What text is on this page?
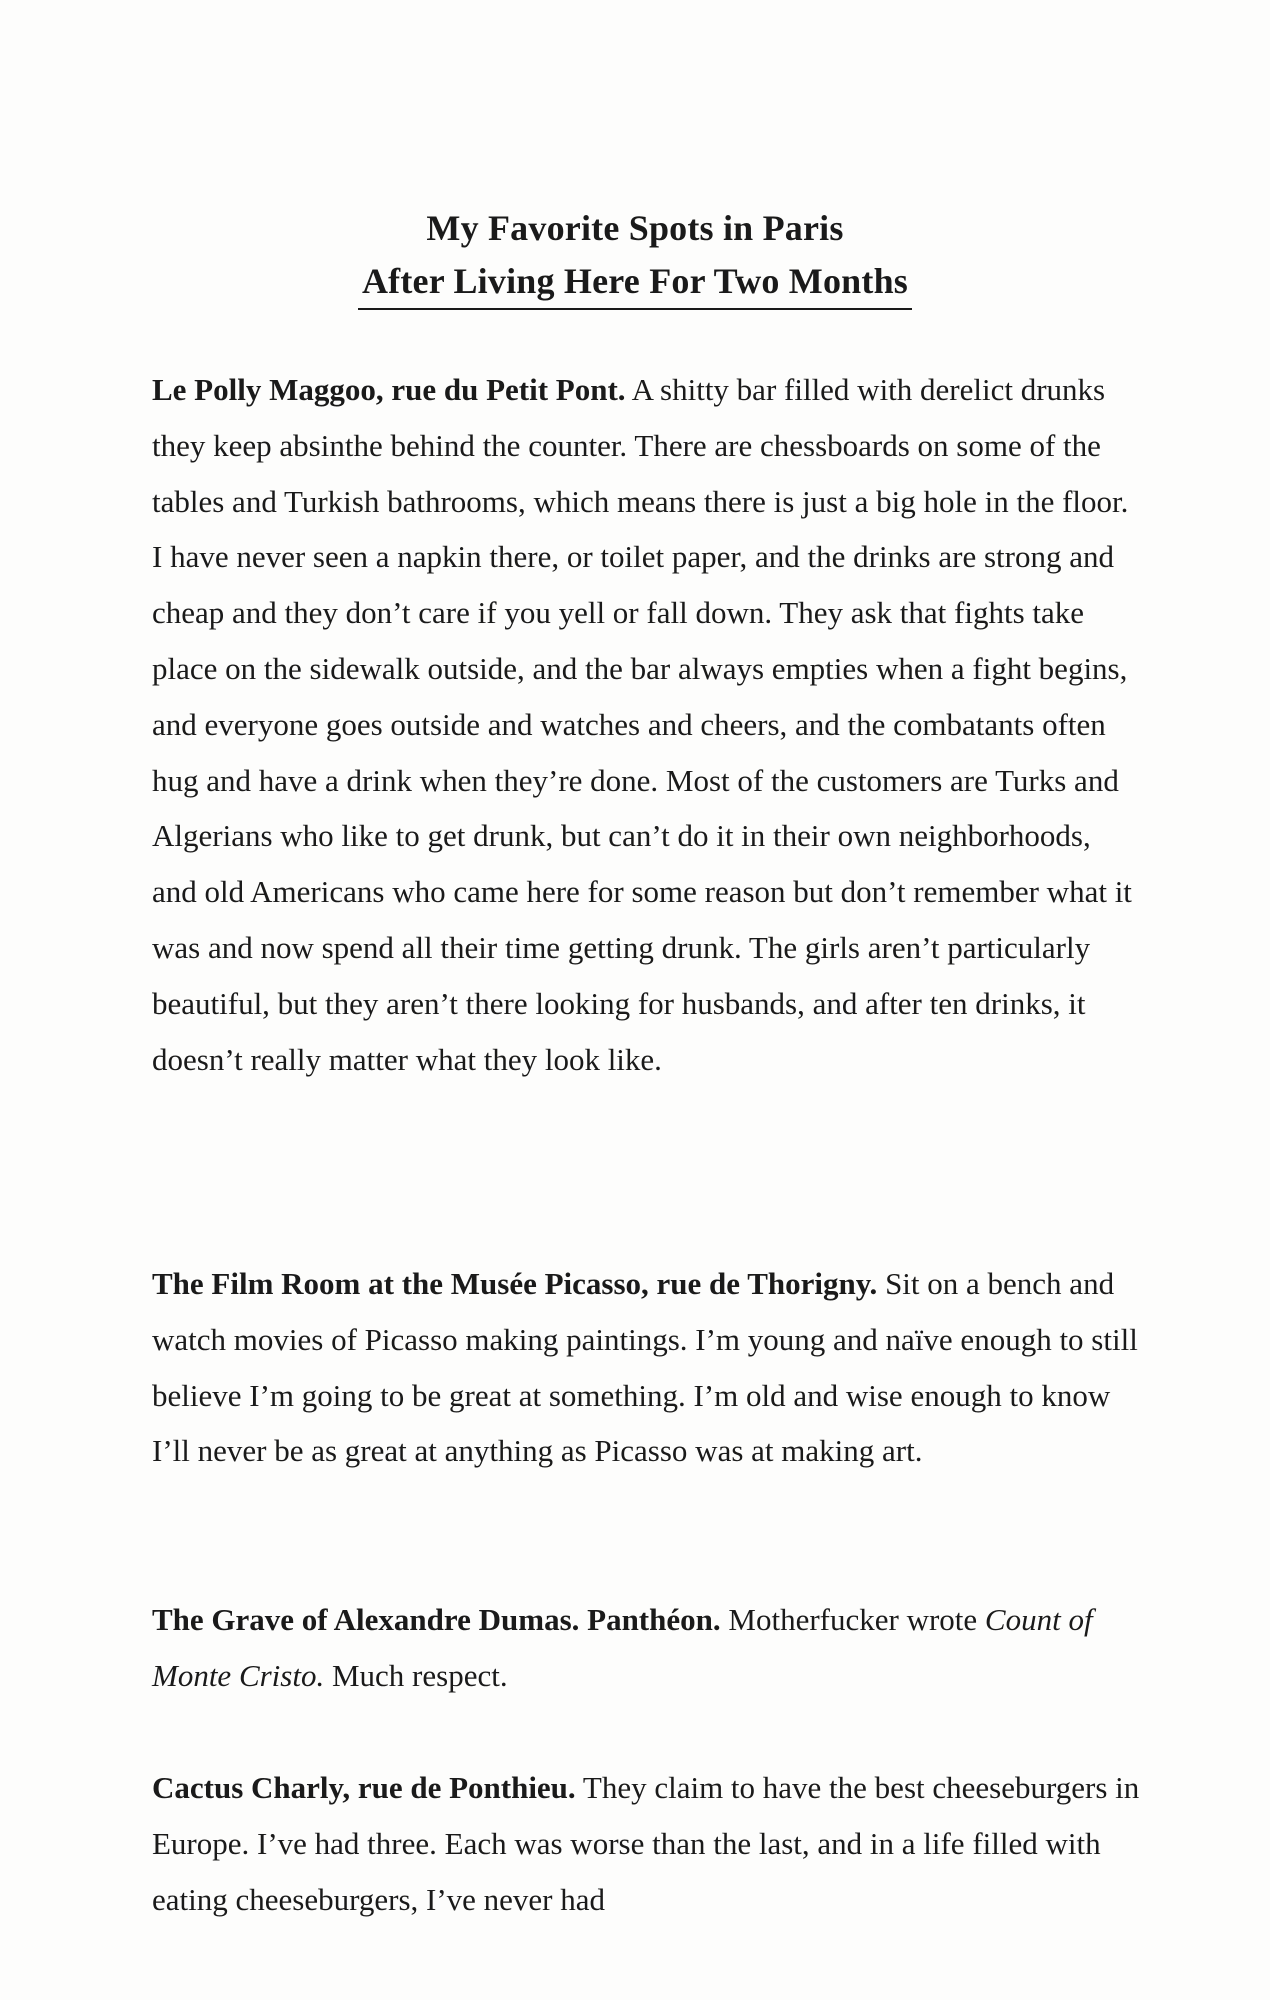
My Favorite Spots in Paris
After Living Here For Two Months

Le Polly Maggoo, rue du Petit Pont. A shitty bar filled with derelict drunks they keep absinthe behind the counter. There are chessboards on some of the tables and Turkish bathrooms, which means there is just a big hole in the floor. I have never seen a napkin there, or toilet paper, and the drinks are strong and cheap and they don’t care if you yell or fall down. They ask that fights take place on the sidewalk outside, and the bar always empties when a fight begins, and everyone goes outside and watches and cheers, and the combatants often hug and have a drink when they’re done. Most of the customers are Turks and Algerians who like to get drunk, but can’t do it in their own neighborhoods, and old Americans who came here for some reason but don’t remember what it was and now spend all their time getting drunk. The girls aren’t particularly beautiful, but they aren’t there looking for husbands, and after ten drinks, it doesn’t really matter what they look like.

The Film Room at the Musée Picasso, rue de Thorigny. Sit on a bench and watch movies of Picasso making paintings. I’m young and naïve enough to still believe I’m going to be great at something. I’m old and wise enough to know I’ll never be as great at anything as Picasso was at making art.

The Grave of Alexandre Dumas. Panthéon. Motherfucker wrote Count of Monte Cristo. Much respect.

Cactus Charly, rue de Ponthieu. They claim to have the best cheeseburgers in Europe. I’ve had three. Each was worse than the last, and in a life filled with eating cheeseburgers, I’ve never had
